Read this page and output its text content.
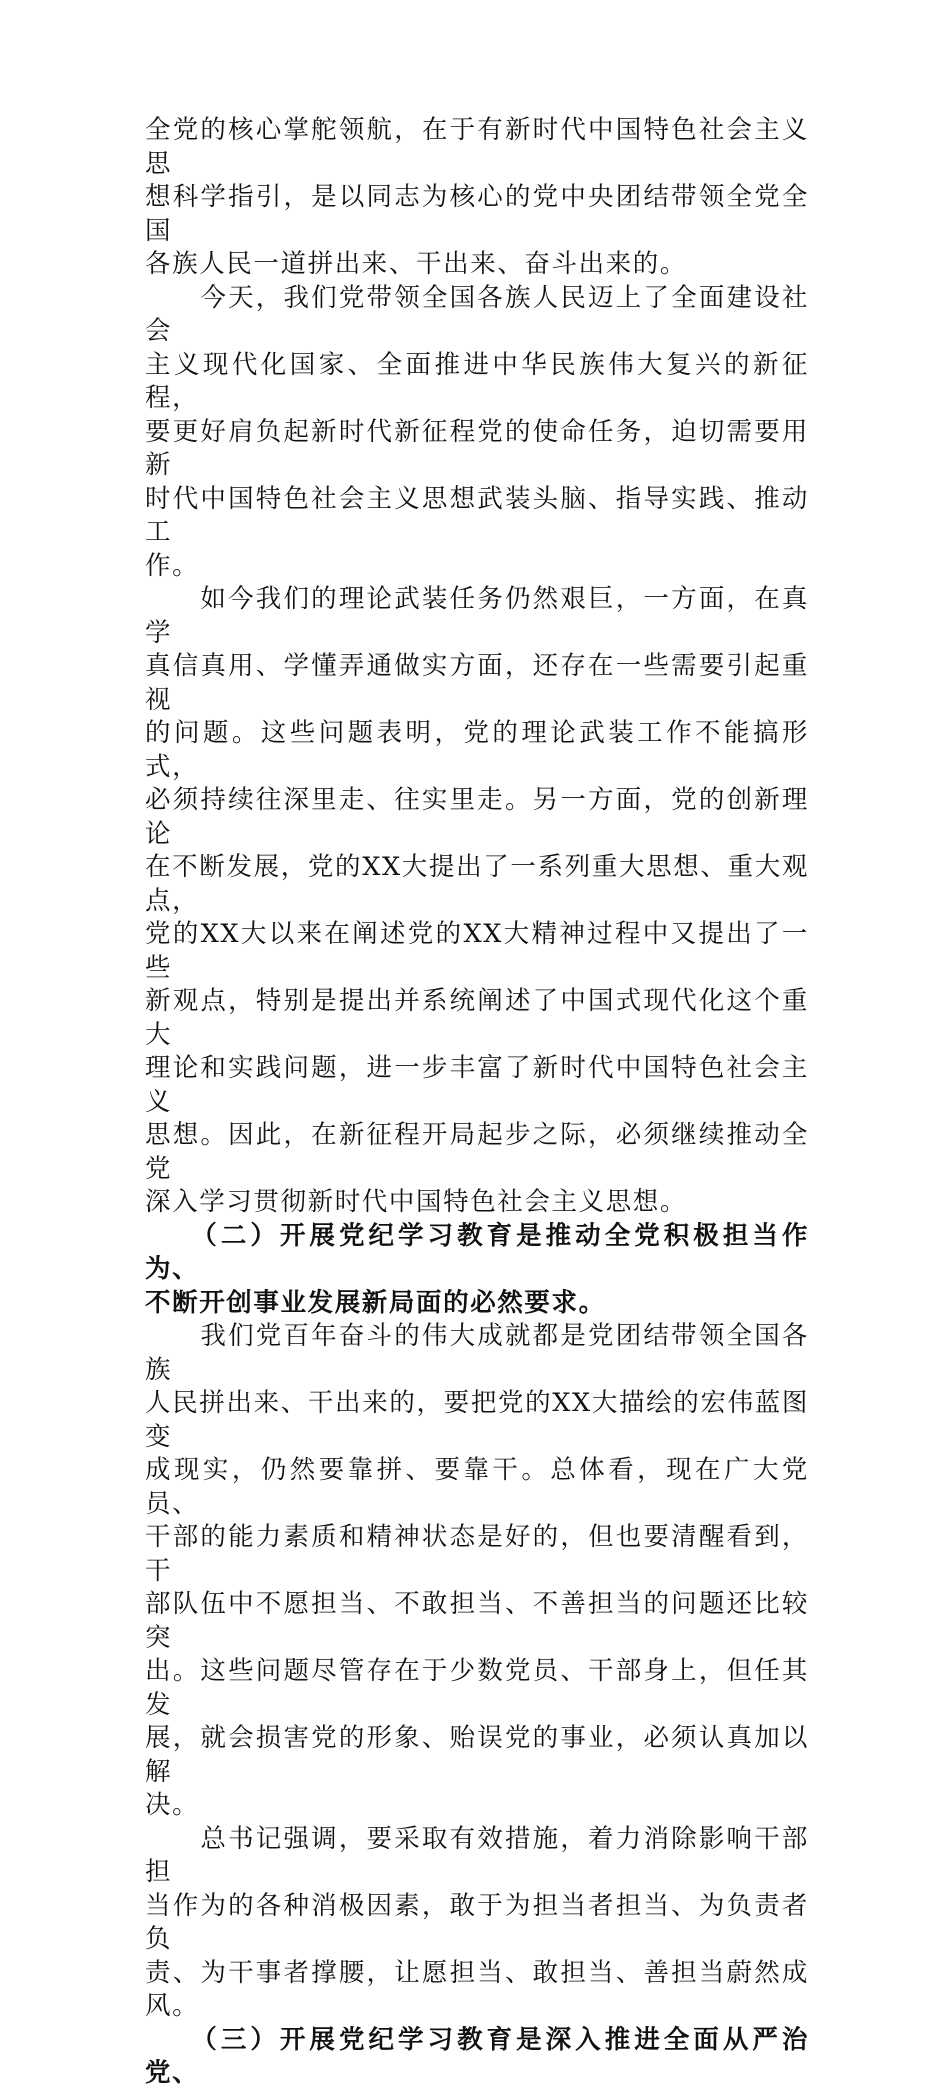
全党的核心掌舵领航，在于有新时代中国特色社会主义思
想科学指引，是以同志为核心的党中央团结带领全党全国
各族人民一道拼出来、干出来、奋斗出来的。
　　今天，我们党带领全国各族人民迈上了全面建设社会
主义现代化国家、全面推进中华民族伟大复兴的新征程，
要更好肩负起新时代新征程党的使命任务，迫切需要用新
时代中国特色社会主义思想武装头脑、指导实践、推动工
作。
　　如今我们的理论武装任务仍然艰巨，一方面，在真学
真信真用、学懂弄通做实方面，还存在一些需要引起重视
的问题。这些问题表明，党的理论武装工作不能搞形式，
必须持续往深里走、往实里走。另一方面，党的创新理论
在不断发展，党的XX大提出了一系列重大思想、重大观点，
党的XX大以来在阐述党的XX大精神过程中又提出了一些
新观点，特别是提出并系统阐述了中国式现代化这个重大
理论和实践问题，进一步丰富了新时代中国特色社会主义
思想。因此，在新征程开局起步之际，必须继续推动全党
深入学习贯彻新时代中国特色社会主义思想。
　　（二）开展党纪学习教育是推动全党积极担当作为、
不断开创事业发展新局面的必然要求。
　　我们党百年奋斗的伟大成就都是党团结带领全国各族
人民拼出来、干出来的，要把党的XX大描绘的宏伟蓝图变
成现实，仍然要靠拼、要靠干。总体看，现在广大党员、
干部的能力素质和精神状态是好的，但也要清醒看到，干
部队伍中不愿担当、不敢担当、不善担当的问题还比较突
出。这些问题尽管存在于少数党员、干部身上，但任其发
展，就会损害党的形象、贻误党的事业，必须认真加以解
决。
　　总书记强调，要采取有效措施，着力消除影响干部担
当作为的各种消极因素，敢于为担当者担当、为负责者负
责、为干事者撑腰，让愿担当、敢担当、善担当蔚然成风。
　　（三）开展党纪学习教育是深入推进全面从严治党、
